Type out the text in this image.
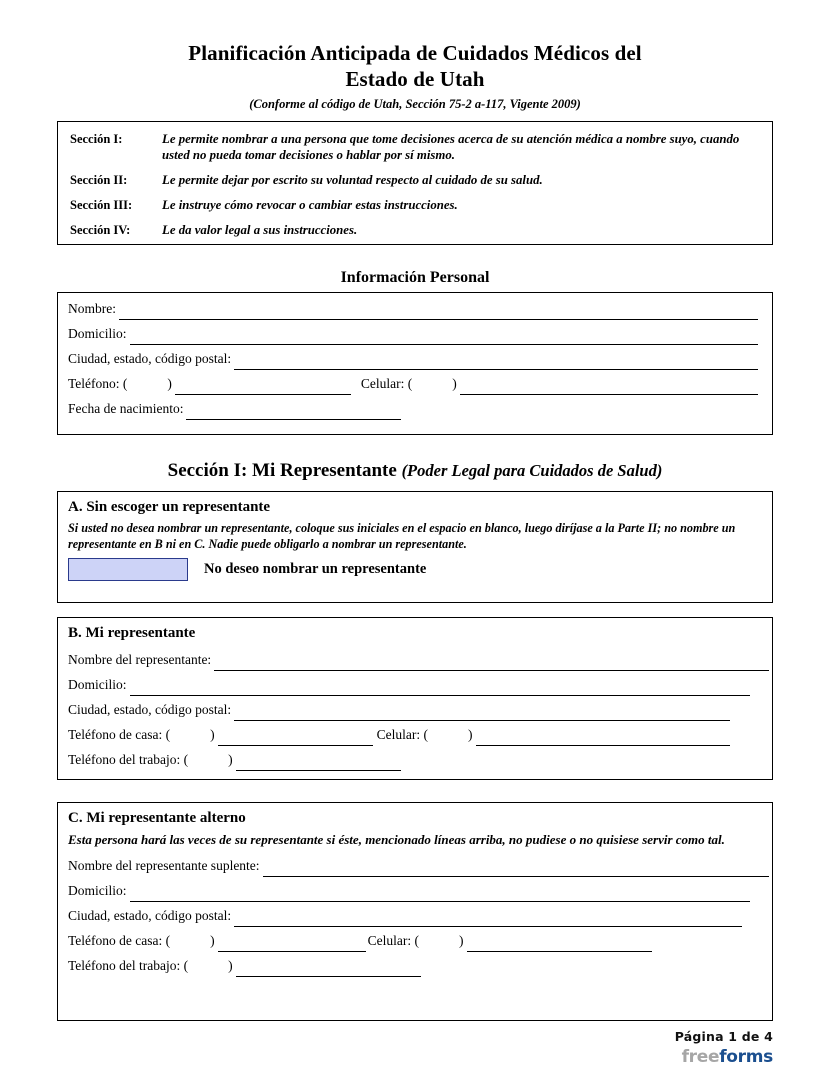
Planificación Anticipada de Cuidados Médicos del
Estado de Utah
(Conforme al código de Utah, Sección 75-2 a-117, Vigente 2009)
Sección I:	Le permite nombrar a una persona que tome decisiones acerca de su atención médica a nombre suyo, cuando usted no pueda tomar decisiones o hablar por sí mismo.
Sección II:	Le permite dejar por escrito su voluntad respecto al cuidado de su salud.
Sección III:	Le instruye cómo revocar o cambiar estas instrucciones.
Sección IV:	Le da valor legal a sus instrucciones.
Información Personal
Nombre:
Domicilio:
Ciudad, estado, código postal:
Teléfono: (	)	Celular: (	)
Fecha de nacimiento:
Sección I: Mi Representante (Poder Legal para Cuidados de Salud)
A. Sin escoger un representante
Si usted no desea nombrar un representante, coloque sus iniciales en el espacio en blanco, luego diríjase a la Parte II; no nombre un representante en B ni en C. Nadie puede obligarlo a nombrar un representante.
No deseo nombrar un representante
B. Mi representante
Nombre del representante:
Domicilio:
Ciudad, estado, código postal:
Teléfono de casa: (	)	Celular: (	)
Teléfono del trabajo: (	)
C. Mi representante alterno
Esta persona hará las veces de su representante si éste, mencionado líneas arriba, no pudiese o no quisiese servir como tal.
Nombre del representante suplente:
Domicilio:
Ciudad, estado, código postal:
Teléfono de casa: (	)	Celular: (	)
Teléfono del trabajo: (	)
Página 1 de 4
freeforms
